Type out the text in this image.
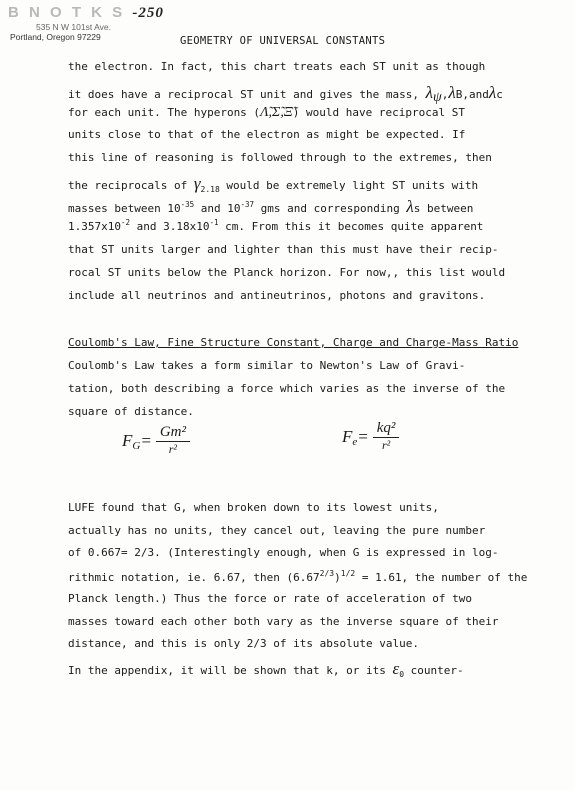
B N O T K S -250
535 N W 101st Ave.
Portland, Oregon 97229	GEOMETRY OF UNIVERSAL CONSTANTS
the electron. In fact, this chart treats each ST unit as though
it does have a reciprocal ST unit and gives the mass, $\lambda_\psi,\lambda B,and\lambda c$
for each unit. The hyperons (Λ̃,Σ̃,Ξ̃) would have reciprocal ST
units close to that of the electron as might be expected. If
this line of reasoning is followed through to the extremes, then
the reciprocals of $\gamma_{2.18}$ would be extremely light ST units with
masses between $10^{-35}$ and $10^{-37}$ gms and corresponding λs between
$1.357x10^{-2}$ and $3.18x10^{-1}$ cm. From this it becomes quite apparent
that ST units larger and lighter than this must have their recip-
rocal ST units below the Planck horizon. For now,, this list would
include all neutrinos and antineutrinos, photons and gravitons.
Coulomb's Law, Fine Structure Constant, Charge and Charge-Mass Ratio
Coulomb's Law takes a form similar to Newton's Law of Gravi-
tation, both describing a force which varies as the inverse of the
square of distance.
$F_G= \frac{\text{Gm²}}{\text{r²}}$	$F_e= \frac{\text{kq²}}{\text{r²}}$
LUFE found that G, when broken down to its lowest units,
actually has no units, they cancel out, leaving the pure number
of 0.667= 2/3. (Interestingly enough, when G is expressed in log-
rithmic notation, ie. 6.67, then $(6.67^{2/3})^{1/2} = 1.61$, the number of the
Planck length.) Thus the force or rate of acceleration of two
masses toward each other both vary as the inverse square of their
distance, and this is only 2/3 of its absolute value.
In the appendix, it will be shown that k, or its $\varepsilon_0$ counter-
